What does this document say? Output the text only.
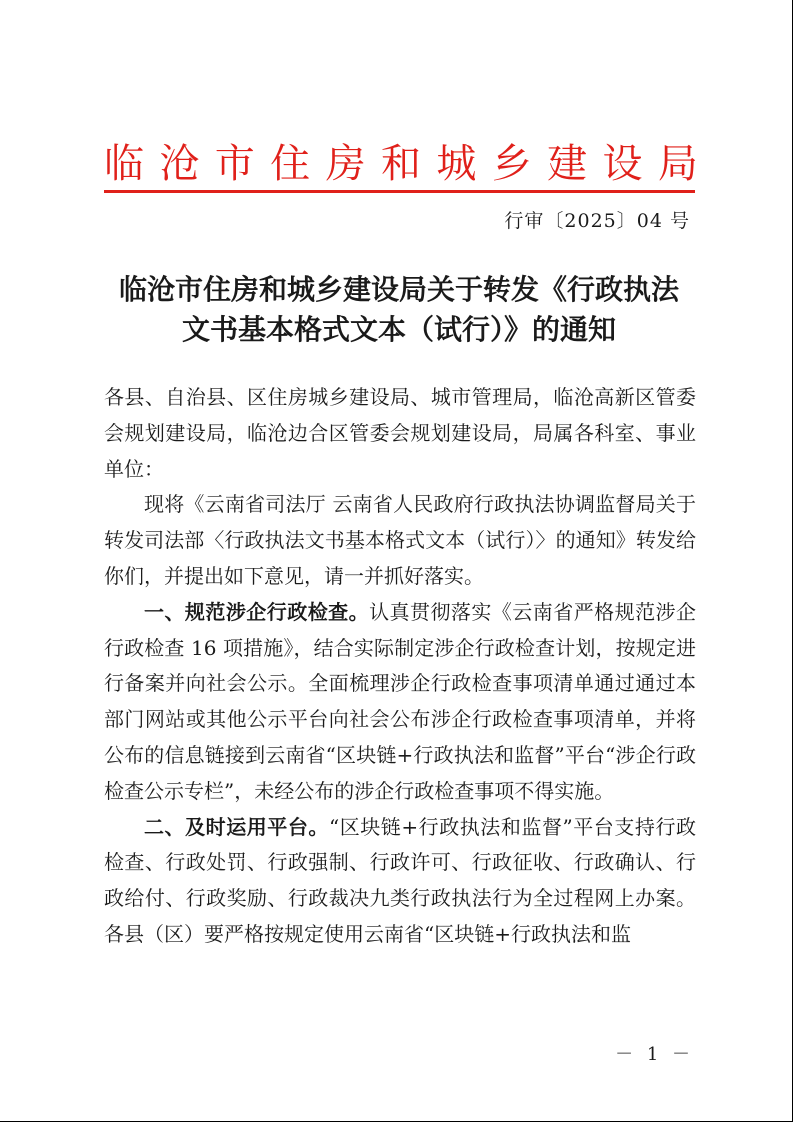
临 沧 市 住 房 和 城 乡 建 设 局
行审〔2025〕04 号
临沧市住房和城乡建设局关于转发《行政执法
文书基本格式文本（试行）》的通知

各县、自治县、区住房城乡建设局、城市管理局，临沧高新区管委会规划建设局，临沧边合区管委会规划建设局，局属各科室、事业单位：

现将《云南省司法厅 云南省人民政府行政执法协调监督局关于转发司法部〈行政执法文书基本格式文本（试行）〉的通知》转发给你们，并提出如下意见，请一并抓好落实。

一、规范涉企行政检查。认真贯彻落实《云南省严格规范涉企行政检查 16 项措施》，结合实际制定涉企行政检查计划，按规定进行备案并向社会公示。全面梳理涉企行政检查事项清单通过通过本部门网站或其他公示平台向社会公布涉企行政检查事项清单，并将公布的信息链接到云南省“区块链+行政执法和监督”平台“涉企行政检查公示专栏”，未经公布的涉企行政检查事项不得实施。

二、及时运用平台。“区块链+行政执法和监督”平台支持行政检查、行政处罚、行政强制、行政许可、行政征收、行政确认、行政给付、行政奖励、行政裁决九类行政执法行为全过程网上办案。各县（区）要严格按规定使用云南省“区块链+行政执法和监

－ 1 －
